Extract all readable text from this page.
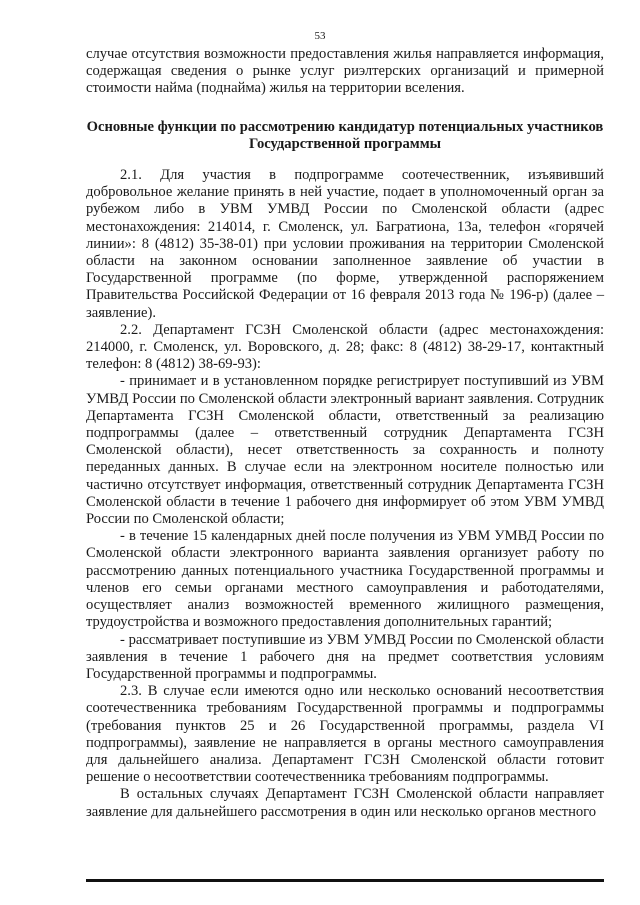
53

случае отсутствия возможности предоставления жилья направляется информация, содержащая сведения о рынке услуг риэлтерских организаций и примерной стоимости найма (поднайма) жилья на территории вселения.

Основные функции по рассмотрению кандидатур потенциальных участников Государственной программы

2.1. Для участия в подпрограмме соотечественник, изъявивший добровольное желание принять в ней участие, подает в уполномоченный орган за рубежом либо в УВМ УМВД России по Смоленской области (адрес местонахождения: 214014, г. Смоленск, ул. Багратиона, 13а, телефон «горячей линии»: 8 (4812) 35-38-01) при условии проживания на территории Смоленской области на законном основании заполненное заявление об участии в Государственной программе (по форме, утвержденной распоряжением Правительства Российской Федерации от 16 февраля 2013 года № 196-р) (далее – заявление).

2.2. Департамент ГСЗН Смоленской области (адрес местонахождения: 214000, г. Смоленск, ул. Воровского, д. 28; факс: 8 (4812) 38-29-17, контактный телефон: 8 (4812) 38-69-93):

- принимает и в установленном порядке регистрирует поступивший из УВМ УМВД России по Смоленской области электронный вариант заявления. Сотрудник Департамента ГСЗН Смоленской области, ответственный за реализацию подпрограммы (далее – ответственный сотрудник Департамента ГСЗН Смоленской области), несет ответственность за сохранность и полноту переданных данных. В случае если на электронном носителе полностью или частично отсутствует информация, ответственный сотрудник Департамента ГСЗН Смоленской области в течение 1 рабочего дня информирует об этом УВМ УМВД России по Смоленской области;

- в течение 15 календарных дней после получения из УВМ УМВД России по Смоленской области электронного варианта заявления организует работу по рассмотрению данных потенциального участника Государственной программы и членов его семьи органами местного самоуправления и работодателями, осуществляет анализ возможностей временного жилищного размещения, трудоустройства и возможного предоставления дополнительных гарантий;

- рассматривает поступившие из УВМ УМВД России по Смоленской области заявления в течение 1 рабочего дня на предмет соответствия условиям Государственной программы и подпрограммы.

2.3. В случае если имеются одно или несколько оснований несоответствия соотечественника требованиям Государственной программы и подпрограммы (требования пунктов 25 и 26 Государственной программы, раздела VI подпрограммы), заявление не направляется в органы местного самоуправления для дальнейшего анализа. Департамент ГСЗН Смоленской области готовит решение о несоответствии соотечественника требованиям подпрограммы.

В остальных случаях Департамент ГСЗН Смоленской области направляет заявление для дальнейшего рассмотрения в один или несколько органов местного
